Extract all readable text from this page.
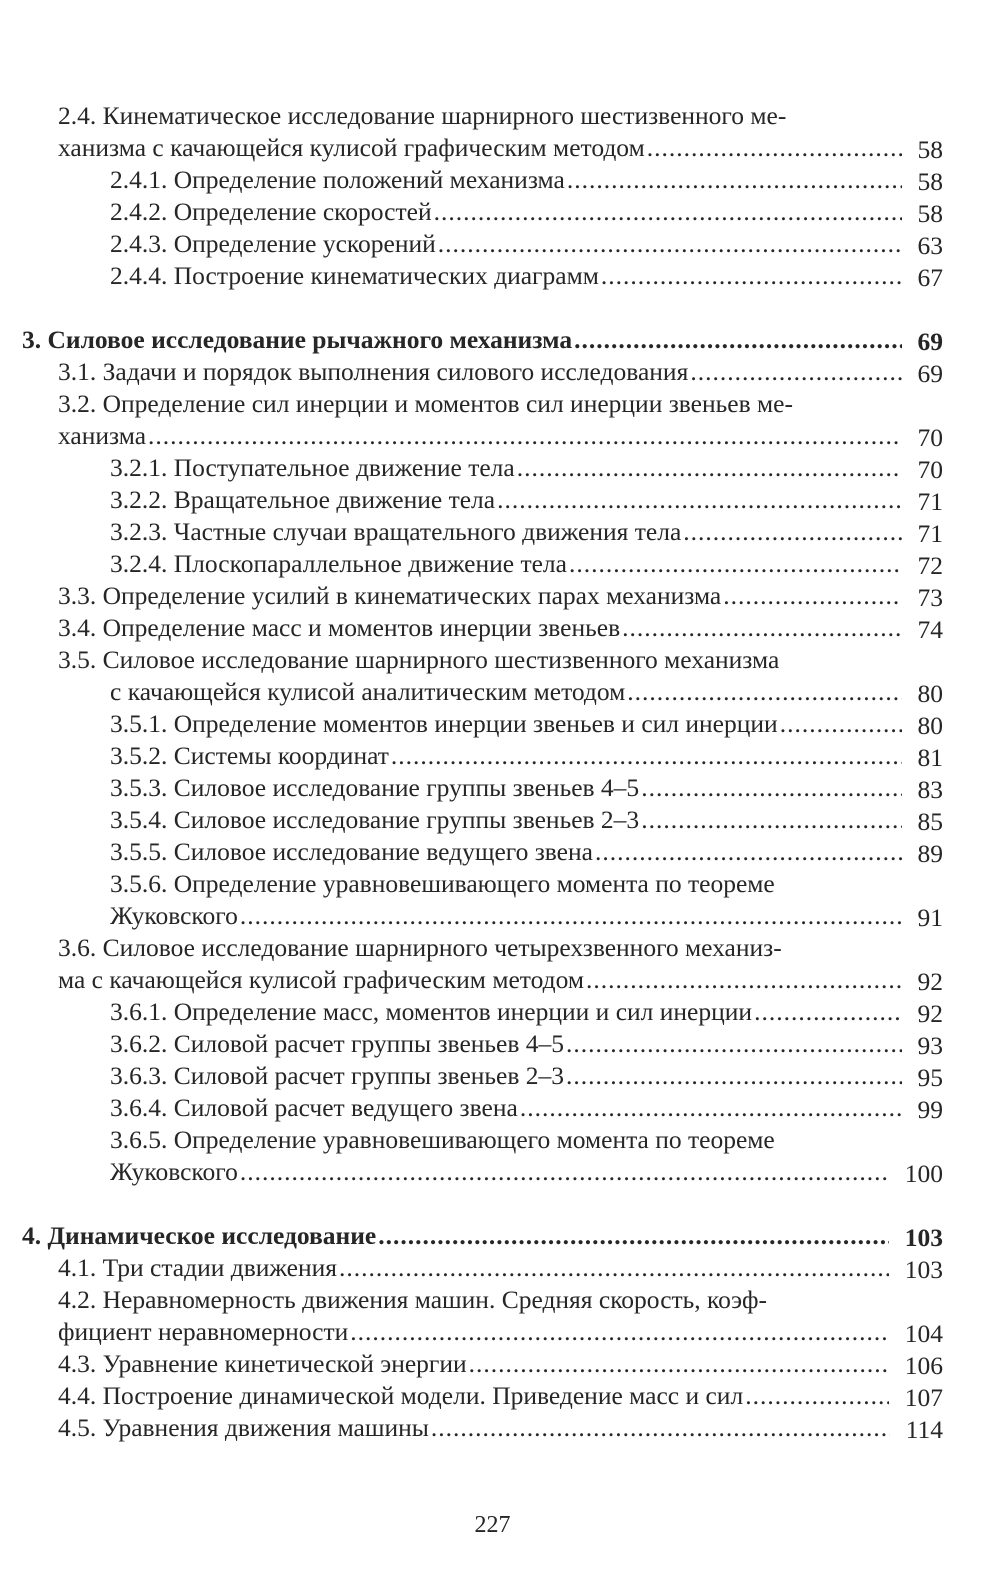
2.4. Кинематическое исследование шарнирного шестизвенного ме-
ханизма с качающейся кулисой графическим методом .....	58
2.4.1. Определение положений механизма .....	58
2.4.2. Определение скоростей .....	58
2.4.3. Определение ускорений .....	63
2.4.4. Построение кинематических диаграмм .....	67
3. Силовое исследование рычажного механизма .....	69
3.1. Задачи и порядок выполнения силового исследования .....	69
3.2. Определение сил инерции и моментов сил инерции звеньев ме-
ханизма .....	70
3.2.1. Поступательное движение тела .....	70
3.2.2. Вращательное движение тела .....	71
3.2.3. Частные случаи вращательного движения тела .....	71
3.2.4. Плоскопараллельное движение тела .....	72
3.3. Определение усилий в кинематических парах механизма .....	73
3.4. Определение масс и моментов инерции звеньев .....	74
3.5. Силовое исследование шарнирного шестизвенного механизма
с качающейся кулисой аналитическим методом .....	80
3.5.1. Определение моментов инерции звеньев и сил инерции .....	80
3.5.2. Системы координат .....	81
3.5.3. Силовое исследование группы звеньев 4–5 .....	83
3.5.4. Силовое исследование группы звеньев 2–3 .....	85
3.5.5. Силовое исследование ведущего звена .....	89
3.5.6. Определение уравновешивающего момента по теореме
Жуковского .....	91
3.6. Силовое исследование шарнирного четырехзвенного механиз-
ма с качающейся кулисой графическим методом .....	92
3.6.1. Определение масс, моментов инерции и сил инерции .....	92
3.6.2. Силовой расчет группы звеньев 4–5 .....	93
3.6.3. Силовой расчет группы звеньев 2–3 .....	95
3.6.4. Силовой расчет ведущего звена .....	99
3.6.5. Определение уравновешивающего момента по теореме
Жуковского .....	100
4. Динамическое исследование .....	103
4.1. Три стадии движения .....	103
4.2. Неравномерность движения машин. Средняя скорость, коэф-
фициент неравномерности .....	104
4.3. Уравнение кинетической энергии .....	106
4.4. Построение динамической модели. Приведение масс и сил .....	107
4.5. Уравнения движения машины .....	114
227
